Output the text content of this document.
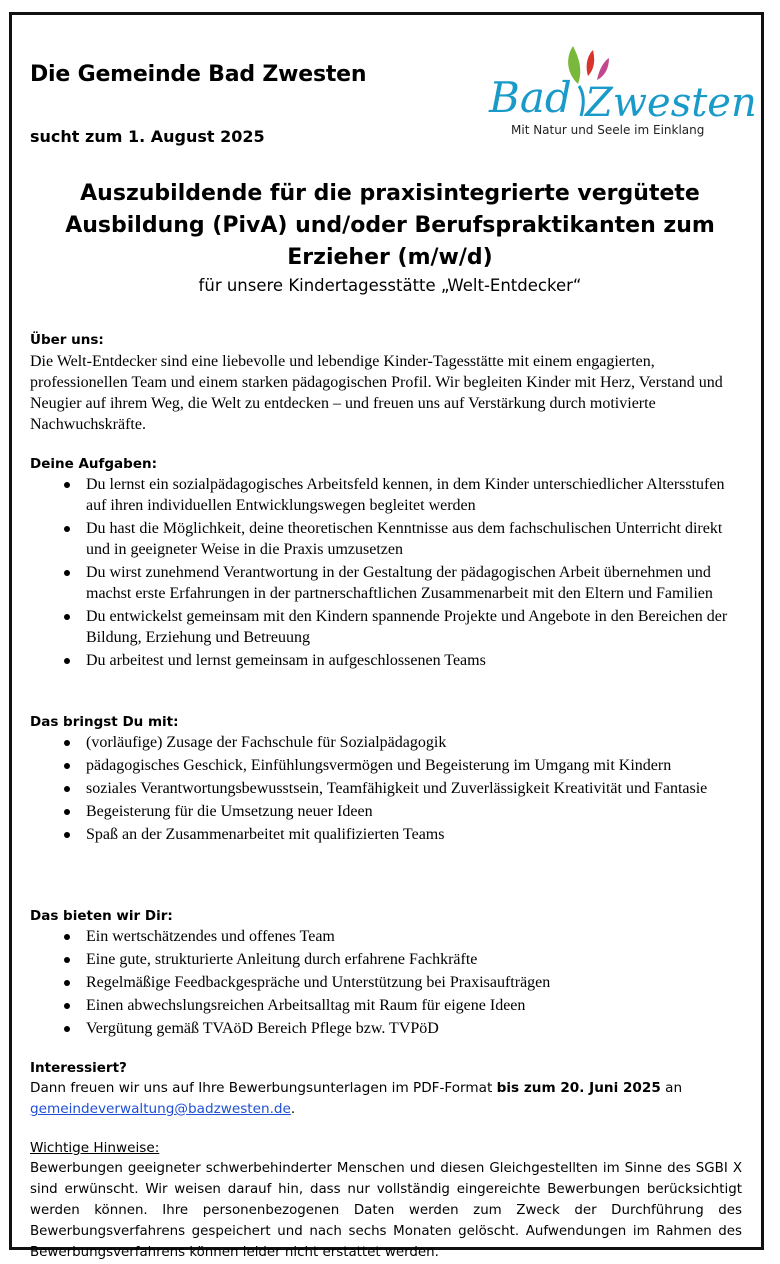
Die Gemeinde Bad Zwesten

sucht zum 1. August 2025

Bad Zwesten

Mit Natur und Seele im Einklang

Auszubildende für die praxisintegrierte vergütete
Ausbildung (PivA) und/oder Berufspraktikanten zum
Erzieher (m/w/d)

für unsere Kindertagesstätte „Welt-Entdecker“

Über uns:

Die Welt-Entdecker sind eine liebevolle und lebendige Kinder-Tagesstätte mit einem engagierten, professionellen Team und einem starken pädagogischen Profil. Wir begleiten Kinder mit Herz, Verstand und Neugier auf ihrem Weg, die Welt zu entdecken – und freuen uns auf Verstärkung durch motivierte Nachwuchskräfte.

Deine Aufgaben:
Du lernst ein sozialpädagogisches Arbeitsfeld kennen, in dem Kinder unterschiedlicher Altersstufen auf ihren individuellen Entwicklungswegen begleitet werden
Du hast die Möglichkeit, deine theoretischen Kenntnisse aus dem fachschulischen Unterricht direkt und in geeigneter Weise in die Praxis umzusetzen
Du wirst zunehmend Verantwortung in der Gestaltung der pädagogischen Arbeit übernehmen und machst erste Erfahrungen in der partnerschaftlichen Zusammenarbeit mit den Eltern und Familien
Du entwickelst gemeinsam mit den Kindern spannende Projekte und Angebote in den Bereichen der Bildung, Erziehung und Betreuung
Du arbeitest und lernst gemeinsam in aufgeschlossenen Teams
Das bringst Du mit:
(vorläufige) Zusage der Fachschule für Sozialpädagogik
pädagogisches Geschick, Einfühlungsvermögen und Begeisterung im Umgang mit Kindern
soziales Verantwortungsbewusstsein, Teamfähigkeit und Zuverlässigkeit Kreativität und Fantasie
Begeisterung für die Umsetzung neuer Ideen
Spaß an der Zusammenarbeitet mit qualifizierten Teams
Das bieten wir Dir:
Ein wertschätzendes und offenes Team
Eine gute, strukturierte Anleitung durch erfahrene Fachkräfte
Regelmäßige Feedbackgespräche und Unterstützung bei Praxisaufträgen
Einen abwechslungsreichen Arbeitsalltag mit Raum für eigene Ideen
Vergütung gemäß TVAöD Bereich Pflege bzw. TVPöD
Interessiert?

Dann freuen wir uns auf Ihre Bewerbungsunterlagen im PDF-Format bis zum 20. Juni 2025 an
gemeindeverwaltung@badzwesten.de.

Wichtige Hinweise:

Bewerbungen geeigneter schwerbehinderter Menschen und diesen Gleichgestellten im Sinne des SGBI X sind erwünscht. Wir weisen darauf hin, dass nur vollständig eingereichte Bewerbungen berücksichtigt werden können. Ihre personenbezogenen Daten werden zum Zweck der Durchführung des Bewerbungsverfahrens gespeichert und nach sechs Monaten gelöscht. Aufwendungen im Rahmen des Bewerbungsverfahrens können leider nicht erstattet werden.
